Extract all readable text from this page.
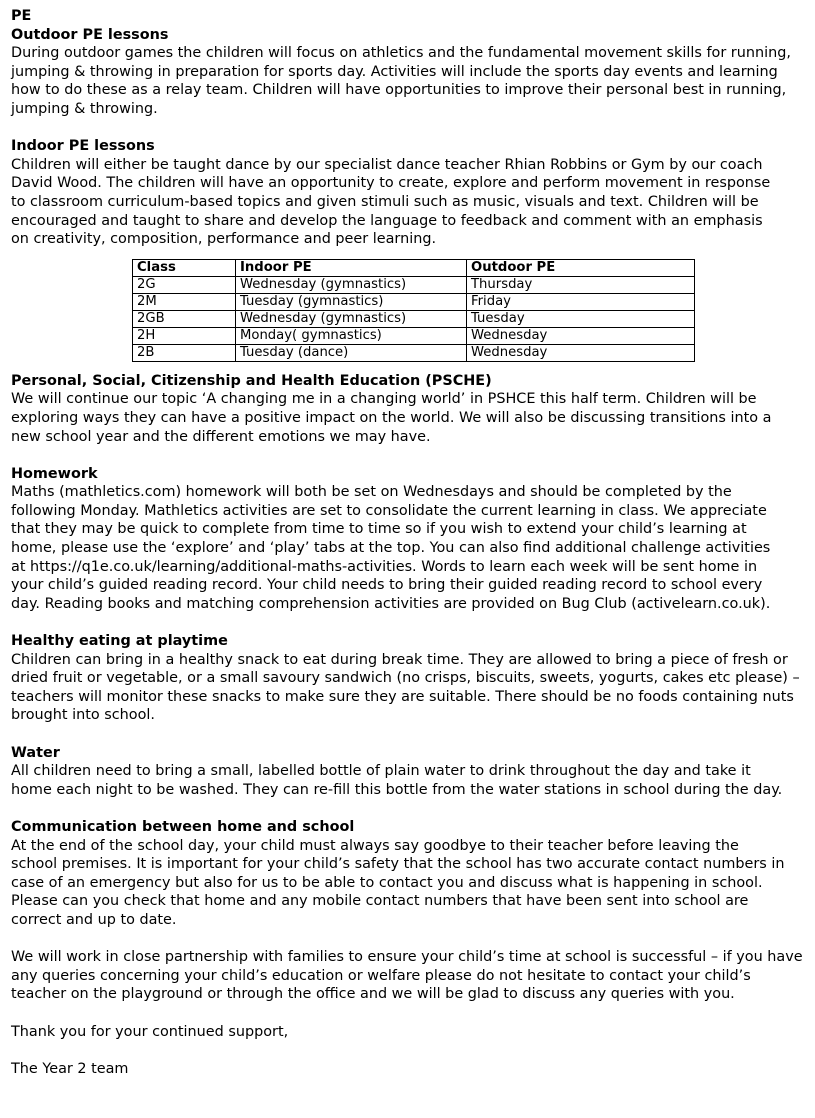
PE
Outdoor PE lessons
During outdoor games the children will focus on athletics and the fundamental movement skills for running,
jumping & throwing in preparation for sports day. Activities will include the sports day events and learning
how to do these as a relay team. Children will have opportunities to improve their personal best in running,
jumping & throwing.
Indoor PE lessons
Children will either be taught dance by our specialist dance teacher Rhian Robbins or Gym by our coach
David Wood. The children will have an opportunity to create, explore and perform movement in response
to classroom curriculum-based topics and given stimuli such as music, visuals and text. Children will be
encouraged and taught to share and develop the language to feedback and comment with an emphasis
on creativity, composition, performance and peer learning.
Class	Indoor PE	Outdoor PE
2G	Wednesday (gymnastics)	Thursday
2M	Tuesday (gymnastics)	Friday
2GB	Wednesday (gymnastics)	Tuesday
2H	Monday( gymnastics)	Wednesday
2B	Tuesday (dance)	Wednesday
Personal, Social, Citizenship and Health Education (PSCHE)
We will continue our topic ‘A changing me in a changing world’ in PSHCE this half term. Children will be
exploring ways they can have a positive impact on the world. We will also be discussing transitions into a
new school year and the different emotions we may have.
Homework
Maths (mathletics.com) homework will both be set on Wednesdays and should be completed by the
following Monday. Mathletics activities are set to consolidate the current learning in class. We appreciate
that they may be quick to complete from time to time so if you wish to extend your child’s learning at
home, please use the ‘explore’ and ‘play’ tabs at the top. You can also find additional challenge activities
at https://q1e.co.uk/learning/additional-maths-activities. Words to learn each week will be sent home in
your child’s guided reading record. Your child needs to bring their guided reading record to school every
day. Reading books and matching comprehension activities are provided on Bug Club (activelearn.co.uk).
Healthy eating at playtime
Children can bring in a healthy snack to eat during break time. They are allowed to bring a piece of fresh or
dried fruit or vegetable, or a small savoury sandwich (no crisps, biscuits, sweets, yogurts, cakes etc please) –
teachers will monitor these snacks to make sure they are suitable. There should be no foods containing nuts
brought into school.
Water
All children need to bring a small, labelled bottle of plain water to drink throughout the day and take it
home each night to be washed. They can re-fill this bottle from the water stations in school during the day.
Communication between home and school
At the end of the school day, your child must always say goodbye to their teacher before leaving the
school premises. It is important for your child’s safety that the school has two accurate contact numbers in
case of an emergency but also for us to be able to contact you and discuss what is happening in school.
Please can you check that home and any mobile contact numbers that have been sent into school are
correct and up to date.
We will work in close partnership with families to ensure your child’s time at school is successful – if you have
any queries concerning your child’s education or welfare please do not hesitate to contact your child’s
teacher on the playground or through the office and we will be glad to discuss any queries with you.
Thank you for your continued support,
The Year 2 team
